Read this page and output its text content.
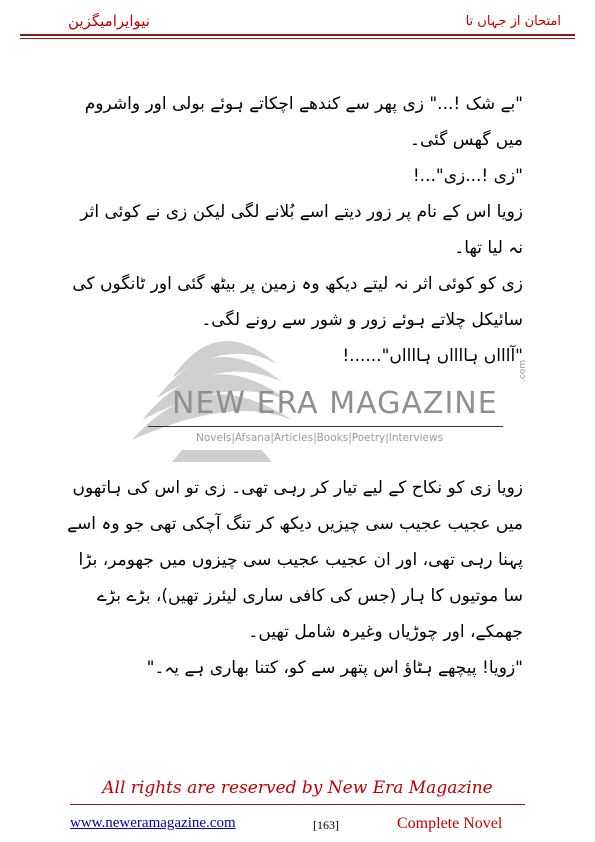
نیوایرامیگزین	امتحان از جہاں تا

"بے شک !..." زی پھر سے کندھے اچکاتے ہوئے بولی اور واشروم میں گھس گئی۔

"زی !...زی"...!

زویا اس کے نام پر زور دیتے اسے بُلانے لگی لیکن زی نے کوئی اثر نہ لیا تھا۔

زی کو کوئی اثر نہ لیتے دیکھ وہ زمین پر بیٹھ گئی اور ٹانگوں کی سائیکل چلاتے ہوئے زور و شور سے رونے لگی۔

"آاااں ہااااں ہااااں"......!

NEW ERA MAGAZINE
.com
Novels|Afsana|Articles|Books|Poetry|Interviews

زویا زی کو نکاح کے لیے تیار کر رہی تھی۔ زی تو اس کی ہاتھوں میں عجیب عجیب سی چیزیں دیکھ کر تنگ آچکی تھی جو وہ اسے پہنا رہی تھی، اور ان عجیب عجیب سی چیزوں میں جھومر، بڑا سا موتیوں کا ہار (جس کی کافی ساری لیئرز تھیں)، بڑے بڑے جھمکے، اور چوڑیاں وغیرہ شامل تھیں۔

"زویا! پیچھے ہٹاؤ اس پتھر سے کو، کتنا بھاری ہے یہ۔"

All rights are reserved by New Era Magazine
www.neweramagazine.com	[163]	Complete Novel
